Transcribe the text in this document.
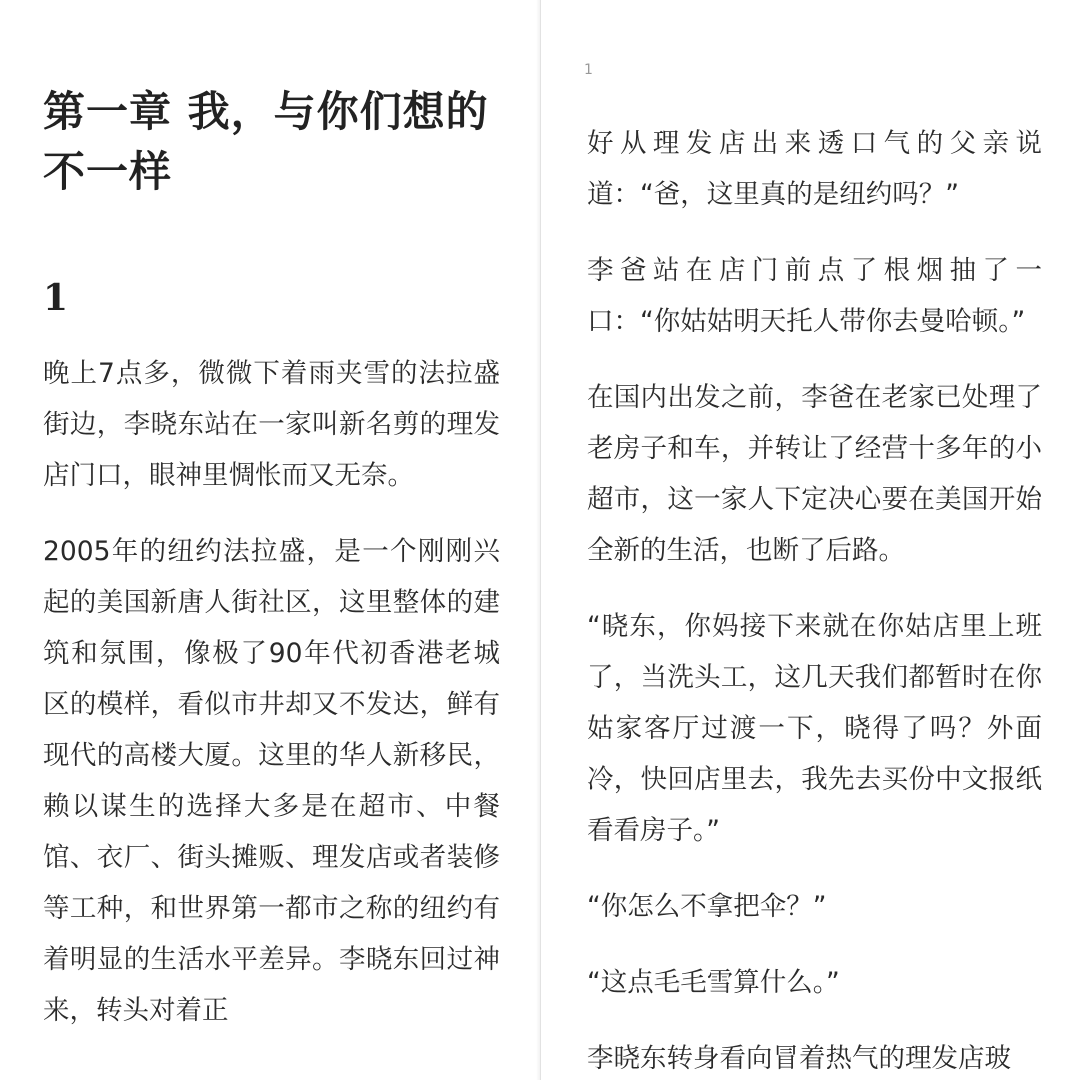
第一章 我，与你们想的不一样
1

晚上7点多，微微下着雨夹雪的法拉盛街边，李晓东站在一家叫新名剪的理发店门口，眼神里惆怅而又无奈。

2005年的纽约法拉盛，是一个刚刚兴起的美国新唐人街社区，这里整体的建筑和氛围，像极了90年代初香港老城区的模样，看似市井却又不发达，鲜有现代的高楼大厦。这里的华人新移民，赖以谋生的选择大多是在超市、中餐馆、衣厂、街头摊贩、理发店或者装修等工种，和世界第一都市之称的纽约有着明显的生活水平差异。李晓东回过神来，转头对着正

好从理发店出来透口气的父亲说道：“爸，这里真的是纽约吗？”

李爸站在店门前点了根烟抽了一口：“你姑姑明天托人带你去曼哈顿。”

在国内出发之前，李爸在老家已处理了老房子和车，并转让了经营十多年的小超市，这一家人下定决心要在美国开始全新的生活，也断了后路。

“晓东，你妈接下来就在你姑店里上班了，当洗头工，这几天我们都暂时在你姑家客厅过渡一下，晓得了吗？外面冷，快回店里去，我先去买份中文报纸看看房子。”

“你怎么不拿把伞？”

“这点毛毛雪算什么。”

李晓东转身看向冒着热气的理发店玻

1
